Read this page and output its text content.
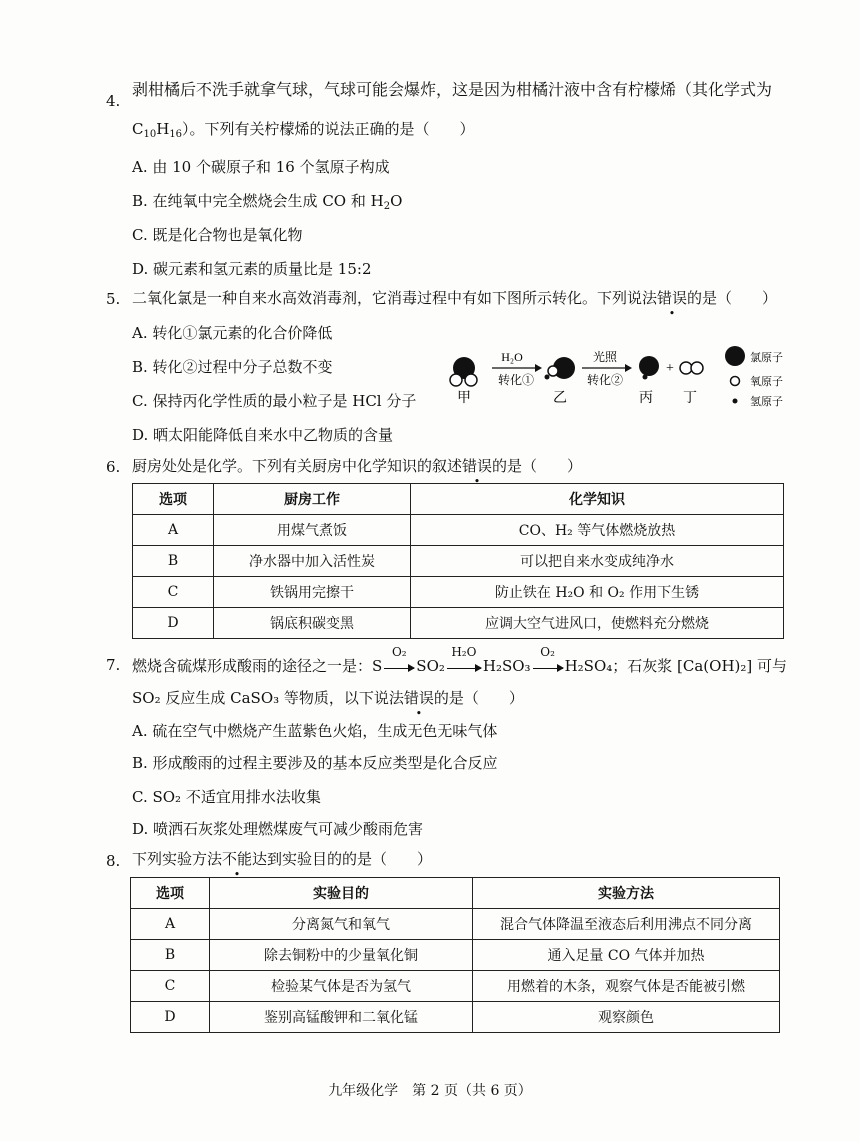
4.
剥柑橘后不洗手就拿气球，气球可能会爆炸，这是因为柑橘汁液中含有柠檬烯（其化学式为
$C_{10}H_{16}$）。下列有关柠檬烯的说法正确的是（　　）
A. 由 10 个碳原子和 16 个氢原子构成
B. 在纯氧中完全燃烧会生成 CO 和 $H_2O$
C. 既是化合物也是氧化物
D. 碳元素和氢元素的质量比是 15:2
5. 二氧化氯是一种自来水高效消毒剂，它消毒过程中有如下图所示转化。下列说法错误的是（　　）
A. 转化①氯元素的化合价降低
B. 转化②过程中分子总数不变
C. 保持丙化学性质的最小粒子是 HCl 分子
D. 晒太阳能降低自来水中乙物质的含量
H₂O
转化①
光照
转化②
+
甲	乙	丙 丁
氯原子
氧原子
氢原子
6. 厨房处处是化学。下列有关厨房中化学知识的叙述错误的是（　　）
选项	厨房工作	化学知识
A	用煤气煮饭	CO、H₂ 等气体燃烧放热
B	净水器中加入活性炭	可以把自来水变成纯净水
C	铁锅用完擦干	防止铁在 H₂O 和 O₂ 作用下生锈
D	锅底积碳变黑	应调大空气进风口，使燃料充分燃烧
7. 燃烧含硫煤形成酸雨的途径之一是：S
O₂
SO₂
H₂O
H₂SO₃
O₂
H₂SO₄；石灰浆 [Ca(OH)₂] 可与
SO₂ 反应生成 CaSO₃ 等物质，以下说法错误的是（　　）
A. 硫在空气中燃烧产生蓝紫色火焰，生成无色无味气体
B. 形成酸雨的过程主要涉及的基本反应类型是化合反应
C. SO₂ 不适宜用排水法收集
D. 喷洒石灰浆处理燃煤废气可减少酸雨危害
8. 下列实验方法不能达到实验目的的是（　　）
选项	实验目的	实验方法
A	分离氮气和氧气	混合气体降温至液态后利用沸点不同分离
B	除去铜粉中的少量氧化铜	通入足量 CO 气体并加热
C	检验某气体是否为氢气	用燃着的木条，观察气体是否能被引燃
D	鉴别高锰酸钾和二氧化锰	观察颜色
九年级化学　第 2 页（共 6 页）
